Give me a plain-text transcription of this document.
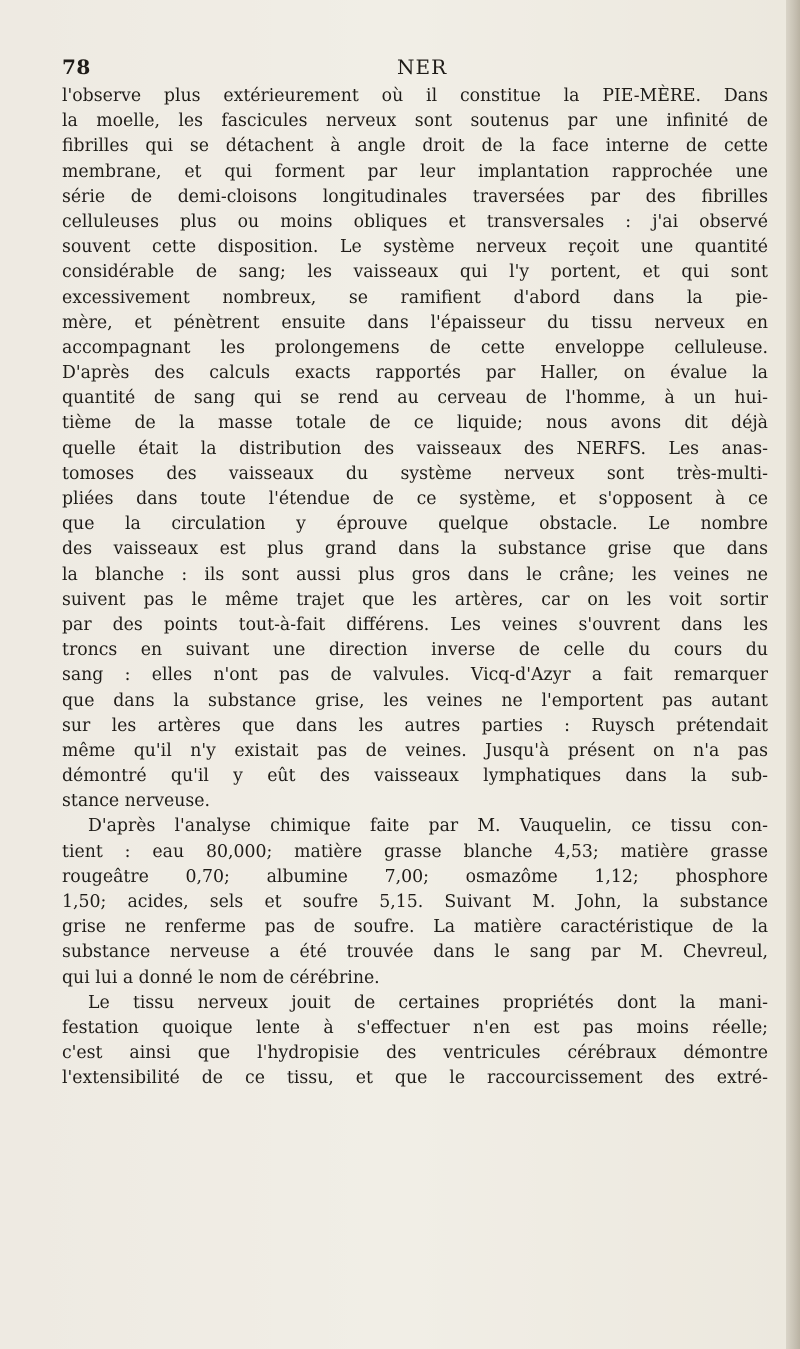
78	NER
l'observe plus extérieurement où il constitue la PIE-MÈRE. Dans
la moelle, les fascicules nerveux sont soutenus par une infinité de
fibrilles qui se détachent à angle droit de la face interne de cette
membrane, et qui forment par leur implantation rapprochée une
série de demi-cloisons longitudinales traversées par des fibrilles
celluleuses plus ou moins obliques et transversales : j'ai observé
souvent cette disposition. Le système nerveux reçoit une quantité
considérable de sang; les vaisseaux qui l'y portent, et qui sont
excessivement nombreux, se ramifient d'abord dans la pie-
mère, et pénètrent ensuite dans l'épaisseur du tissu nerveux en
accompagnant les prolongemens de cette enveloppe celluleuse.
D'après des calculs exacts rapportés par Haller, on évalue la
quantité de sang qui se rend au cerveau de l'homme, à un hui-
tième de la masse totale de ce liquide; nous avons dit déjà
quelle était la distribution des vaisseaux des NERFS. Les anas-
tomoses des vaisseaux du système nerveux sont très-multi-
pliées dans toute l'étendue de ce système, et s'opposent à ce
que la circulation y éprouve quelque obstacle. Le nombre
des vaisseaux est plus grand dans la substance grise que dans
la blanche : ils sont aussi plus gros dans le crâne; les veines ne
suivent pas le même trajet que les artères, car on les voit sortir
par des points tout-à-fait différens. Les veines s'ouvrent dans les
troncs en suivant une direction inverse de celle du cours du
sang : elles n'ont pas de valvules. Vicq-d'Azyr a fait remarquer
que dans la substance grise, les veines ne l'emportent pas autant
sur les artères que dans les autres parties : Ruysch prétendait
même qu'il n'y existait pas de veines. Jusqu'à présent on n'a pas
démontré qu'il y eût des vaisseaux lymphatiques dans la sub-
stance nerveuse.
D'après l'analyse chimique faite par M. Vauquelin, ce tissu con-
tient : eau 80,000; matière grasse blanche 4,53; matière grasse
rougeâtre 0,70; albumine 7,00; osmazôme 1,12; phosphore
1,50; acides, sels et soufre 5,15. Suivant M. John, la substance
grise ne renferme pas de soufre. La matière caractéristique de la
substance nerveuse a été trouvée dans le sang par M. Chevreul,
qui lui a donné le nom de cérébrine.
Le tissu nerveux jouit de certaines propriétés dont la mani-
festation quoique lente à s'effectuer n'en est pas moins réelle;
c'est ainsi que l'hydropisie des ventricules cérébraux démontre
l'extensibilité de ce tissu, et que le raccourcissement des extré-
